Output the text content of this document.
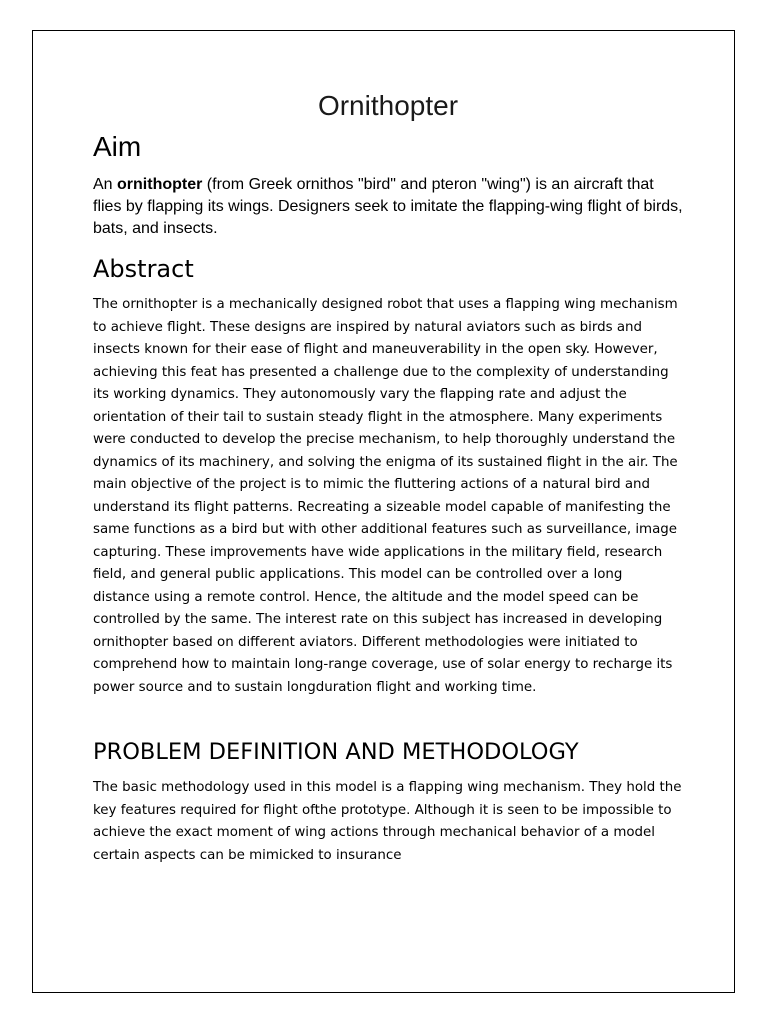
Ornithopter
Aim

An ornithopter (from Greek ornithos "bird" and pteron "wing") is an aircraft that flies by flapping its wings. Designers seek to imitate the flapping-wing flight of birds, bats, and insects.

Abstract

The ornithopter is a mechanically designed robot that uses a flapping wing mechanism to achieve flight. These designs are inspired by natural aviators such as birds and insects known for their ease of flight and maneuverability in the open sky. However, achieving this feat has presented a challenge due to the complexity of understanding its working dynamics. They autonomously vary the flapping rate and adjust the orientation of their tail to sustain steady flight in the atmosphere. Many experiments were conducted to develop the precise mechanism, to help thoroughly understand the dynamics of its machinery, and solving the enigma of its sustained flight in the air. The main objective of the project is to mimic the fluttering actions of a natural bird and understand its flight patterns. Recreating a sizeable model capable of manifesting the same functions as a bird but with other additional features such as surveillance, image capturing. These improvements have wide applications in the military field, research field, and general public applications. This model can be controlled over a long distance using a remote control. Hence, the altitude and the model speed can be controlled by the same. The interest rate on this subject has increased in developing ornithopter based on different aviators. Different methodologies were initiated to comprehend how to maintain long-range coverage, use of solar energy to recharge its power source and to sustain longduration flight and working time.

PROBLEM DEFINITION AND METHODOLOGY

The basic methodology used in this model is a flapping wing mechanism. They hold the key features required for flight ofthe prototype. Although it is seen to be impossible to achieve the exact moment of wing actions through mechanical behavior of a model certain aspects can be mimicked to insurance
